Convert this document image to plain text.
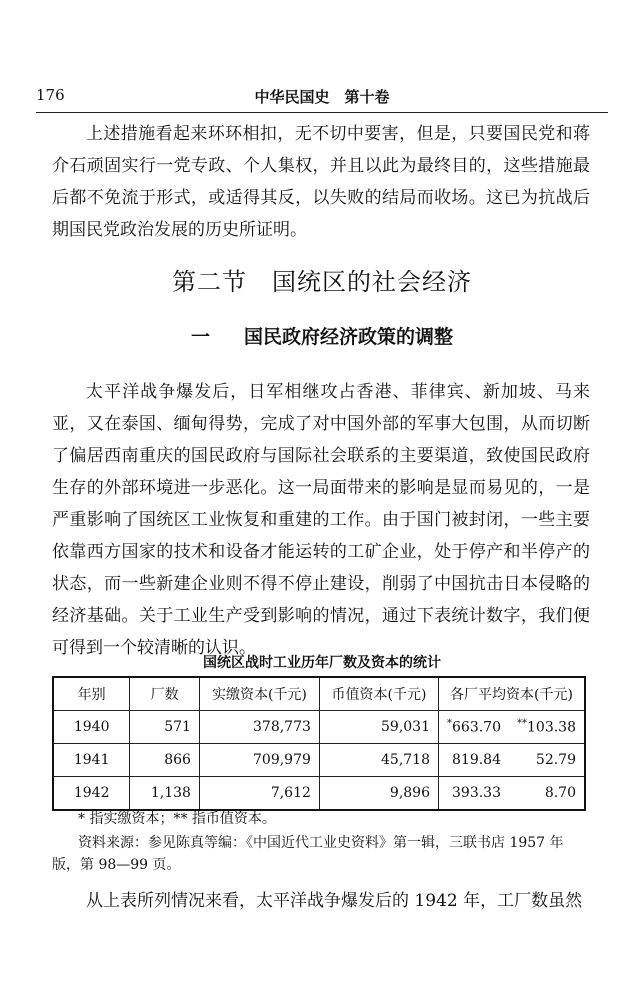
176	中华民国史　第十卷

上述措施看起来环环相扣，无不切中要害，但是，只要国民党和蒋介石顽固实行一党专政、个人集权，并且以此为最终目的，这些措施最后都不免流于形式，或适得其反，以失败的结局而收场。这已为抗战后期国民党政治发展的历史所证明。

第二节　国统区的社会经济
一 国民政府经济政策的调整

太平洋战争爆发后，日军相继攻占香港、菲律宾、新加坡、马来亚，又在泰国、缅甸得势，完成了对中国外部的军事大包围，从而切断了偏居西南重庆的国民政府与国际社会联系的主要渠道，致使国民政府生存的外部环境进一步恶化。这一局面带来的影响是显而易见的，一是严重影响了国统区工业恢复和重建的工作。由于国门被封闭，一些主要依靠西方国家的技术和设备才能运转的工矿企业，处于停产和半停产的状态，而一些新建企业则不得不停止建设，削弱了中国抗击日本侵略的经济基础。关于工业生产受到影响的情况，通过下表统计数字，我们便可得到一个较清晰的认识。

国统区战时工业历年厂数及资本的统计
年别	厂数	实缴资本(千元)	币值资本(千元)	各厂平均资本(千元)	
1940	571	378,773	59,031	*663.70	**103.38
1941	866	709,979	45,718	819.84	52.79
1942	1,138	7,612	9,896	393.33	8.70
* 指实缴资本；** 指币值资本。
资料来源：参见陈真等编：《中国近代工业史资料》第一辑，三联书店 1957 年
版，第 98—99 页。

从上表所列情况来看，太平洋战争爆发后的 1942 年，工厂数虽然
